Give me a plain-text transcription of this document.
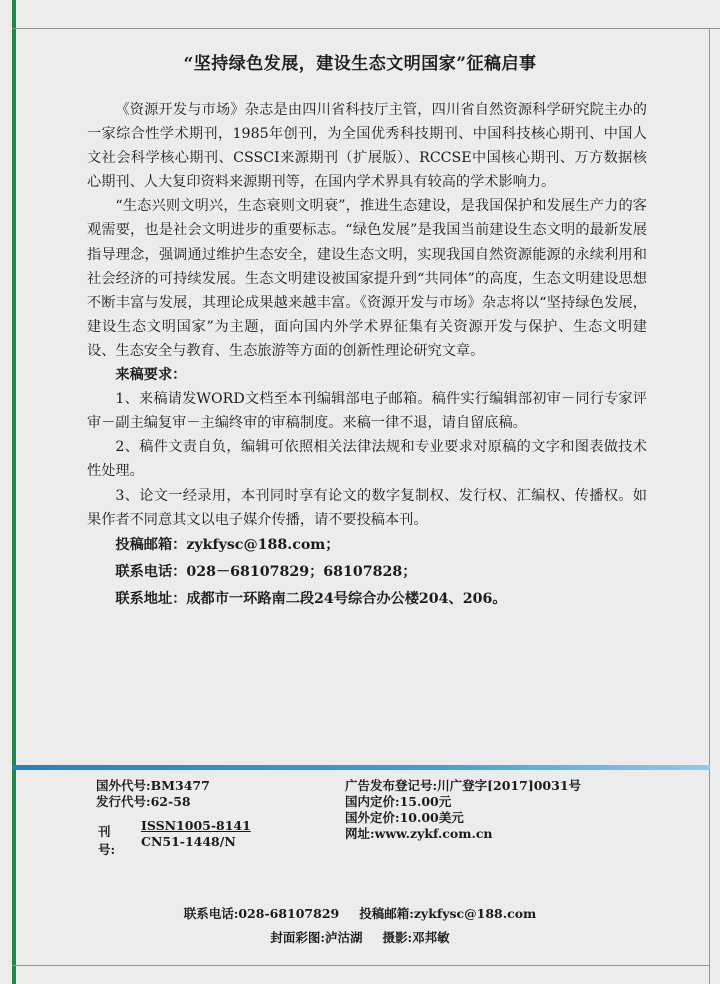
“坚持绿色发展，建设生态文明国家”征稿启事

《资源开发与市场》杂志是由四川省科技厅主管，四川省自然资源科学研究院主办的一家综合性学术期刊，1985年创刊，为全国优秀科技期刊、中国科技核心期刊、中国人文社会科学核心期刊、CSSCI来源期刊（扩展版）、RCCSE中国核心期刊、万方数据核心期刊、人大复印资料来源期刊等，在国内学术界具有较高的学术影响力。

“生态兴则文明兴，生态衰则文明衰”，推进生态建设，是我国保护和发展生产力的客观需要，也是社会文明进步的重要标志。“绿色发展”是我国当前建设生态文明的最新发展指导理念，强调通过维护生态安全，建设生态文明，实现我国自然资源能源的永续利用和社会经济的可持续发展。生态文明建设被国家提升到“共同体”的高度，生态文明建设思想不断丰富与发展，其理论成果越来越丰富。《资源开发与市场》杂志将以“坚持绿色发展，建设生态文明国家”为主题，面向国内外学术界征集有关资源开发与保护、生态文明建设、生态安全与教育、生态旅游等方面的创新性理论研究文章。

来稿要求：

1、来稿请发WORD文档至本刊编辑部电子邮箱。稿件实行编辑部初审－同行专家评审－副主编复审－主编终审的审稿制度。来稿一律不退，请自留底稿。

2、稿件文责自负，编辑可依照相关法律法规和专业要求对原稿的文字和图表做技术性处理。

3、论文一经录用，本刊同时享有论文的数字复制权、发行权、汇编权、传播权。如果作者不同意其文以电子媒介传播，请不要投稿本刊。

投稿邮箱：zykfysc@188.com；

联系电话：028－68107829；68107828；

联系地址：成都市一环路南二段24号综合办公楼204、206。

国外代号:BM3477
发行代号:62-58
刊号:
ISSN1005-8141
CN51-1448/N
广告发布登记号:川广登字[2017]0031号
国内定价:15.00元
国外定价:10.00美元
网址:www.zykf.com.cn
联系电话:028-68107829 投稿邮箱:zykfysc@188.com
封面彩图:泸沽湖 摄影:邓邦敏
